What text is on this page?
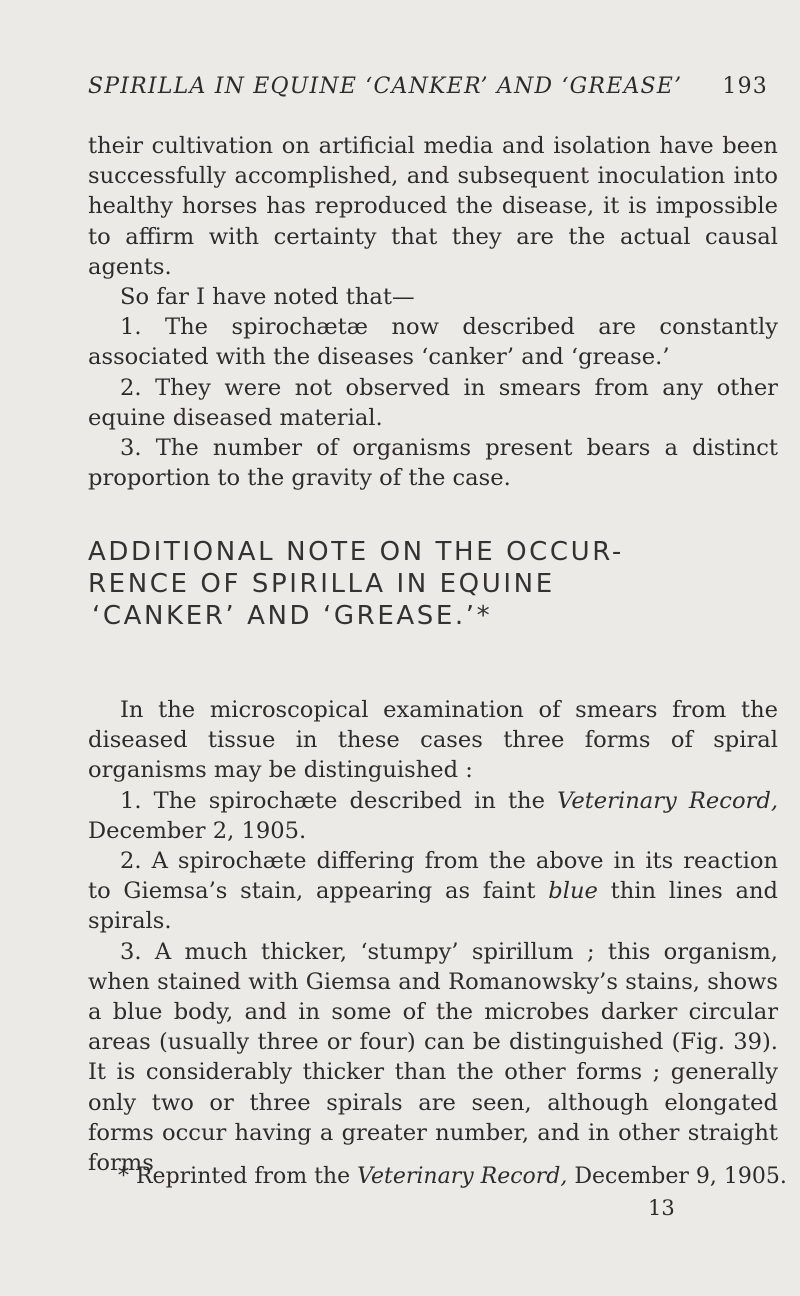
SPIRILLA IN EQUINE ‘CANKER’ AND ‘GREASE’ 193

their cultivation on artificial media and isolation have been successfully accomplished, and subsequent inoculation into healthy horses has reproduced the disease, it is impossible to affirm with certainty that they are the actual causal agents.

So far I have noted that—

1. The spirochætæ now described are constantly associated with the diseases ‘canker’ and ‘grease.’

2. They were not observed in smears from any other equine diseased material.

3. The number of organisms present bears a distinct proportion to the gravity of the case.

ADDITIONAL NOTE ON THE OCCUR-
RENCE OF SPIRILLA IN EQUINE
‘CANKER’ AND ‘GREASE.’*

In the microscopical examination of smears from the diseased tissue in these cases three forms of spiral organisms may be distinguished :

1. The spirochæte described in the Veterinary Record, December 2, 1905.

2. A spirochæte differing from the above in its reaction to Giemsa’s stain, appearing as faint blue thin lines and spirals.

3. A much thicker, ‘stumpy’ spirillum ; this organism, when stained with Giemsa and Romanowsky’s stains, shows a blue body, and in some of the microbes darker circular areas (usually three or four) can be distinguished (Fig. 39). It is considerably thicker than the other forms ; generally only two or three spirals are seen, although elongated forms occur having a greater number, and in other straight forms

* Reprinted from the Veterinary Record, December 9, 1905.
13
